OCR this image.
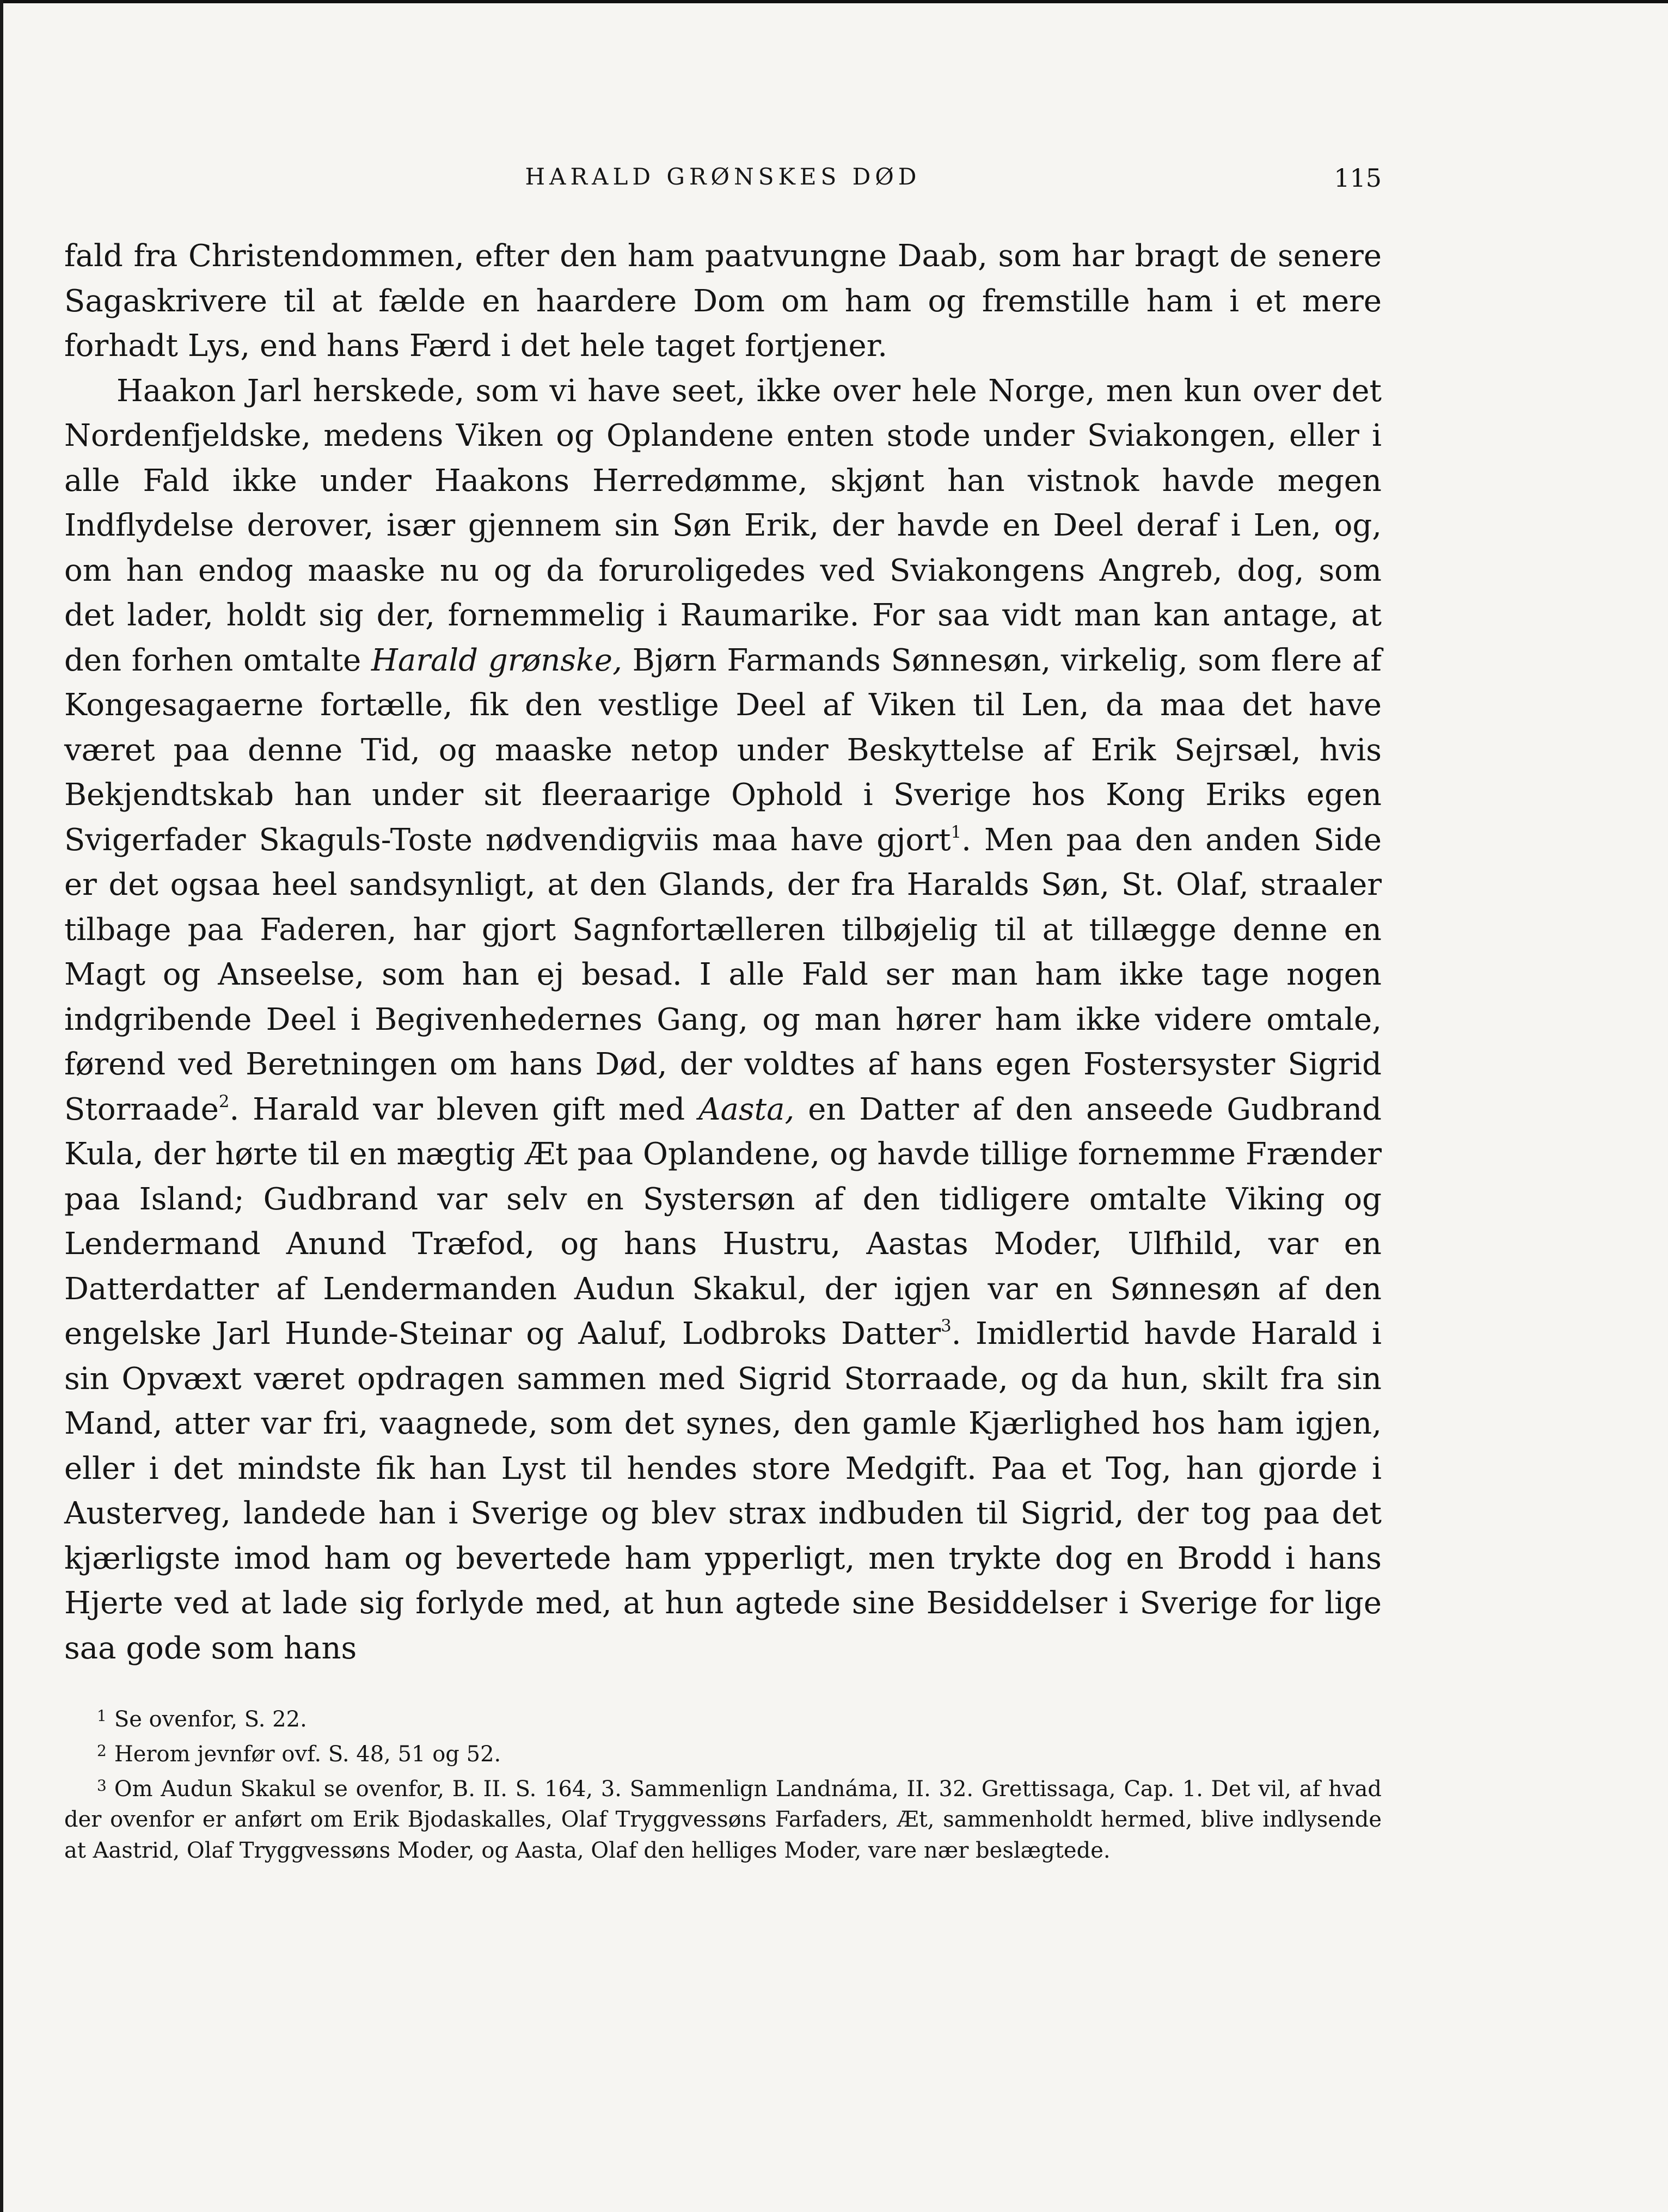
HARALD GRØNSKES DØD	115

fald fra Christendommen, efter den ham paatvungne Daab, som har bragt de senere Sagaskrivere til at fælde en haardere Dom om ham og fremstille ham i et mere forhadt Lys, end hans Færd i det hele taget fortjener.

Haakon Jarl herskede, som vi have seet, ikke over hele Norge, men kun over det Nordenfjeldske, medens Viken og Oplandene enten stode under Sviakongen, eller i alle Fald ikke under Haakons Herredømme, skjønt han vistnok havde megen Indflydelse derover, især gjennem sin Søn Erik, der havde en Deel deraf i Len, og, om han endog maaske nu og da foruroligedes ved Sviakongens Angreb, dog, som det lader, holdt sig der, fornemmelig i Raumarike. For saa vidt man kan antage, at den forhen omtalte Harald grønske, Bjørn Farmands Sønnesøn, virkelig, som flere af Kongesagaerne fortælle, fik den vestlige Deel af Viken til Len, da maa det have været paa denne Tid, og maaske netop under Beskyttelse af Erik Sejrsæl, hvis Bekjendtskab han under sit fleeraarige Ophold i Sverige hos Kong Eriks egen Svigerfader Skaguls-Toste nødvendigviis maa have gjort$^1$. Men paa den anden Side er det ogsaa heel sandsynligt, at den Glands, der fra Haralds Søn, St. Olaf, straaler tilbage paa Faderen, har gjort Sagnfortælleren tilbøjelig til at tillægge denne en Magt og Anseelse, som han ej besad. I alle Fald ser man ham ikke tage nogen indgribende Deel i Begivenhedernes Gang, og man hører ham ikke videre omtale, førend ved Beretningen om hans Død, der voldtes af hans egen Fostersyster Sigrid Storraade$^2$. Harald var bleven gift med Aasta, en Datter af den anseede Gudbrand Kula, der hørte til en mægtig Æt paa Oplandene, og havde tillige fornemme Frænder paa Island; Gudbrand var selv en Systersøn af den tidligere omtalte Viking og Lendermand Anund Træfod, og hans Hustru, Aastas Moder, Ulfhild, var en Datterdatter af Lendermanden Audun Skakul, der igjen var en Sønnesøn af den engelske Jarl Hunde-Steinar og Aaluf, Lodbroks Datter$^3$. Imidlertid havde Harald i sin Opvæxt været opdragen sammen med Sigrid Storraade, og da hun, skilt fra sin Mand, atter var fri, vaagnede, som det synes, den gamle Kjærlighed hos ham igjen, eller i det mindste fik han Lyst til hendes store Medgift. Paa et Tog, han gjorde i Austerveg, landede han i Sverige og blev strax indbuden til Sigrid, der tog paa det kjærligste imod ham og bevertede ham ypperligt, men trykte dog en Brodd i hans Hjerte ved at lade sig forlyde med, at hun agtede sine Besiddelser i Sverige for lige saa gode som hans

$^1$ Se ovenfor, S. 22.

$^2$ Herom jevnfør ovf. S. 48, 51 og 52.

$^3$ Om Audun Skakul se ovenfor, B. II. S. 164, 3. Sammenlign Landnáma, II. 32. Grettissaga, Cap. 1. Det vil, af hvad der ovenfor er anført om Erik Bjodaskalles, Olaf Tryggvessøns Farfaders, Æt, sammenholdt hermed, blive indlysende at Aastrid, Olaf Tryggvessøns Moder, og Aasta, Olaf den helliges Moder, vare nær beslægtede.
